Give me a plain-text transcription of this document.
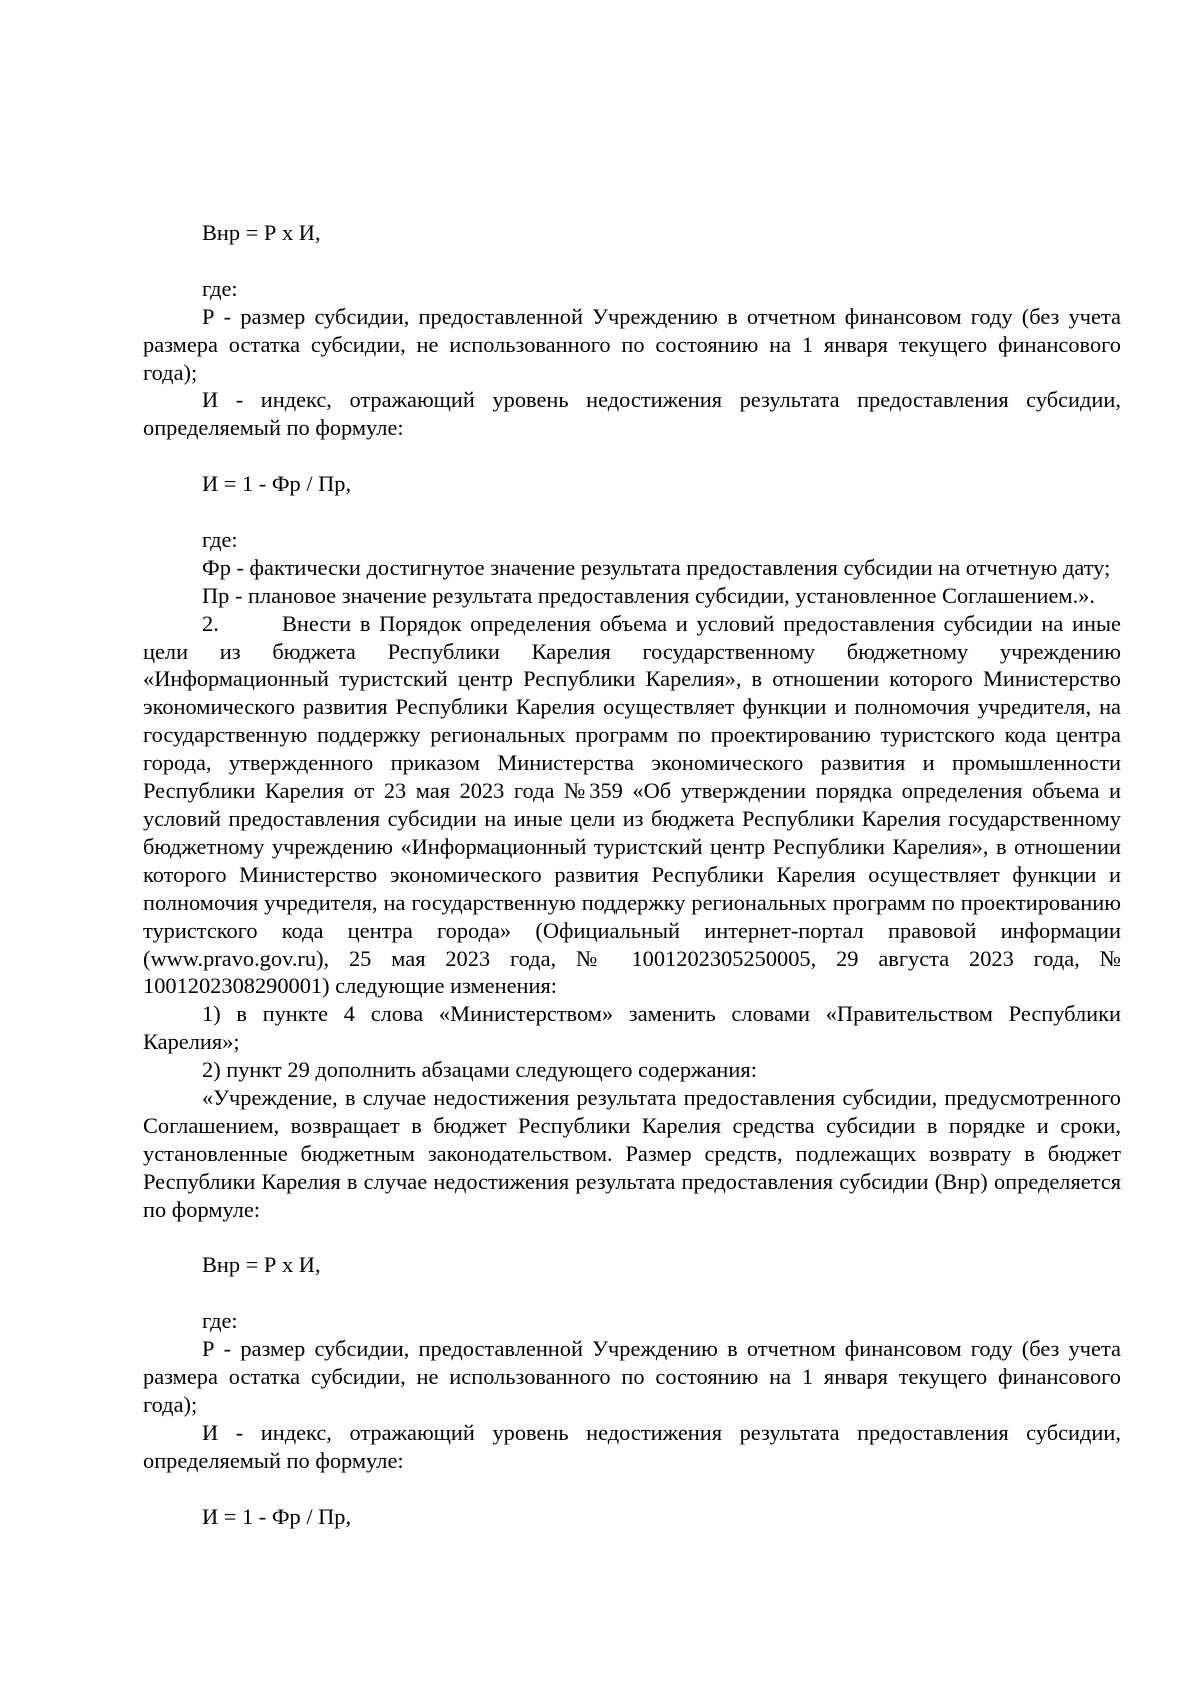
Внр = Р х И,

где:

Р - размер субсидии, предоставленной Учреждению в отчетном финансовом году (без учета размера остатка субсидии, не использованного по состоянию на 1 января текущего финансового года);

И - индекс, отражающий уровень недостижения результата предоставления субсидии, определяемый по формуле:

И = 1 - Фр / Пр,

где:

Фр - фактически достигнутое значение результата предоставления субсидии на отчетную дату;

Пр - плановое значение результата предоставления субсидии, установленное Соглашением.».

2.	Внести в Порядок определения объема и условий предоставления субсидии на иные цели из бюджета Республики Карелия государственному бюджетному учреждению «Информационный туристский центр Республики Карелия», в отношении которого Министерство экономического развития Республики Карелия осуществляет функции и полномочия учредителя, на государственную поддержку региональных программ по проектированию туристского кода центра города, утвержденного приказом Министерства экономического развития и промышленности Республики Карелия от 23 мая 2023 года №359 «Об утверждении порядка определения объема и условий предоставления субсидии на иные цели из бюджета Республики Карелия государственному бюджетному учреждению «Информационный туристский центр Республики Карелия», в отношении которого Министерство экономического развития Республики Карелия осуществляет функции и полномочия учредителя, на государственную поддержку региональных программ по проектированию туристского кода центра города» (Официальный интернет-портал правовой информации (www.pravo.gov.ru), 25 мая 2023 года, № 1001202305250005, 29 августа 2023 года, № 1001202308290001) следующие изменения:

1) в пункте 4 слова «Министерством» заменить словами «Правительством Республики Карелия»;

2) пункт 29 дополнить абзацами следующего содержания:

«Учреждение, в случае недостижения результата предоставления субсидии, предусмотренного Соглашением, возвращает в бюджет Республики Карелия средства субсидии в порядке и сроки, установленные бюджетным законодательством. Размер средств, подлежащих возврату в бюджет Республики Карелия в случае недостижения результата предоставления субсидии (Внр) определяется по формуле:

Внр = Р х И,

где:

Р - размер субсидии, предоставленной Учреждению в отчетном финансовом году (без учета размера остатка субсидии, не использованного по состоянию на 1 января текущего финансового года);

И - индекс, отражающий уровень недостижения результата предоставления субсидии, определяемый по формуле:

И = 1 - Фр / Пр,
